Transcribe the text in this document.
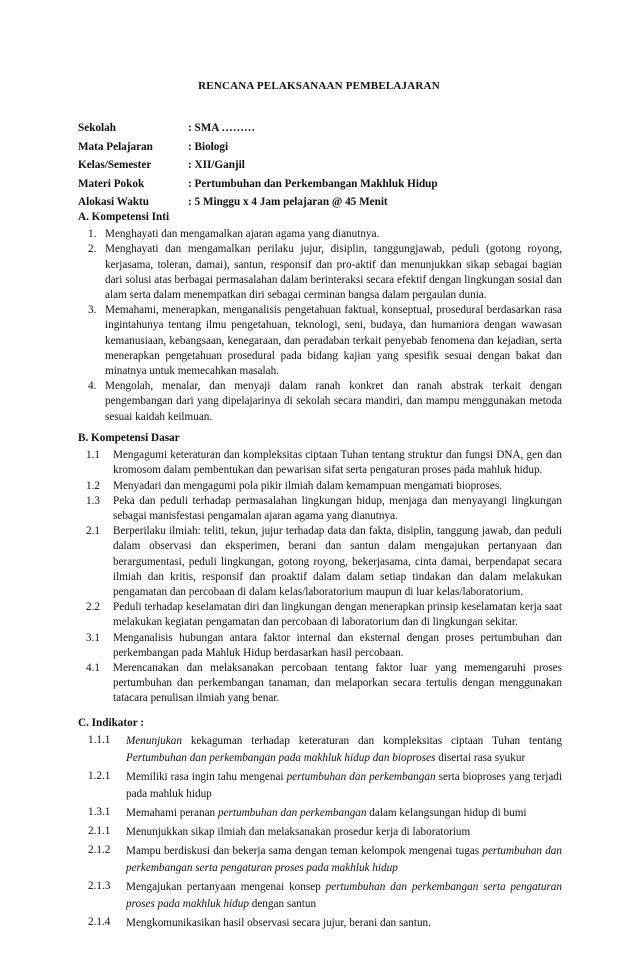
RENCANA PELAKSANAAN PEMBELAJARAN
Sekolah	: SMA ………
Mata Pelajaran	: Biologi
Kelas/Semester	: XII/Ganjil
Materi Pokok	: Pertumbuhan dan Perkembangan Makhluk Hidup
Alokasi Waktu	: 5 Minggu x 4 Jam pelajaran @ 45 Menit
A. Kompetensi Inti
1. Menghayati dan mengamalkan ajaran agama yang dianutnya.
2. Menghayati dan mengamalkan perilaku jujur, disiplin, tanggungjawab, peduli (gotong royong, kerjasama, toleran, damai), santun, responsif dan pro-aktif dan menunjukkan sikap sebagai bagian dari solusi atas berbagai permasalahan dalam berinteraksi secara efektif dengan lingkungan sosial dan alam serta dalam menempatkan diri sebagai cerminan bangsa dalam pergaulan dunia.
3. Memahami, menerapkan, menganalisis pengetahuan faktual, konseptual, prosedural berdasarkan rasa ingintahunya tentang ilmu pengetahuan, teknologi, seni, budaya, dan humaniora dengan wawasan kemanusiaan, kebangsaan, kenegaraan, dan peradaban terkait penyebab fenomena dan kejadian, serta menerapkan pengetahuan prosedural pada bidang kajian yang spesifik sesuai dengan bakat dan minatnya untuk memecahkan masalah.
4. Mengolah, menalar, dan menyaji dalam ranah konkret dan ranah abstrak terkait dengan pengembangan dari yang dipelajarinya di sekolah secara mandiri, dan mampu menggunakan metoda sesuai kaidah keilmuan.
B. Kompetensi Dasar
1.1	Mengagumi keteraturan dan kompleksitas ciptaan Tuhan tentang struktur dan fungsi DNA, gen dan kromosom dalam pembentukan dan pewarisan sifat serta pengaturan proses pada mahluk hidup.
1.2	Menyadari dan mengagumi pola pikir ilmiah dalam kemampuan mengamati bioproses.
1.3	Peka dan peduli terhadap permasalahan lingkungan hidup, menjaga dan menyayangi lingkungan sebagai manisfestasi pengamalan ajaran agama yang dianutnya.
2.1	Berperilaku ilmiah: teliti, tekun, jujur terhadap data dan fakta, disiplin, tanggung jawab, dan peduli dalam observasi dan eksperimen, berani dan santun dalam mengajukan pertanyaan dan berargumentasi, peduli lingkungan, gotong royong, bekerjasama, cinta damai, berpendapat secara ilmiah dan kritis, responsif dan proaktif dalam dalam setiap tindakan dan dalam melakukan pengamatan dan percobaan di dalam kelas/laboratorium maupun di luar kelas/laboratorium.
2.2	Peduli terhadap keselamatan diri dan lingkungan dengan menerapkan prinsip keselamatan kerja saat melakukan kegiatan pengamatan dan percobaan di laboratorium dan di lingkungan sekitar.
3.1	Menganalisis hubungan antara faktor internal dan eksternal dengan proses pertumbuhan dan perkembangan pada Mahluk Hidup berdasarkan hasil percobaan.
4.1	Merencanakan dan melaksanakan percobaan tentang faktor luar yang memengaruhi proses pertumbuhan dan perkembangan tanaman, dan melaporkan secara tertulis dengan menggunakan tatacara penulisan ilmiah yang benar.
C. Indikator :
1.1.1	Menunjukan kekaguman terhadap keteraturan dan kompleksitas ciptaan Tuhan tentang Pertumbuhan dan perkembangan pada makhluk hidup dan bioproses disertai rasa syukur
1.2.1	Memiliki rasa ingin tahu mengenai pertumbuhan dan perkembangan serta bioproses yang terjadi pada mahluk hidup
1.3.1	Memahami peranan pertumbuhan dan perkembangan dalam kelangsungan hidup di bumi
2.1.1	Menunjukkan sikap ilmiah dan melaksanakan prosedur kerja di laboratorium
2.1.2	Mampu berdiskusi dan bekerja sama dengan teman kelompok mengenai tugas pertumbuhan dan perkembangan serta pengaturan proses pada makhluk hidup
2.1.3	Mengajukan pertanyaan mengenai konsep pertumbuhan dan perkembangan serta pengaturan proses pada makhluk hidup dengan santun
2.1.4	Mengkomunikasikan hasil observasi secara jujur, berani dan santun.
